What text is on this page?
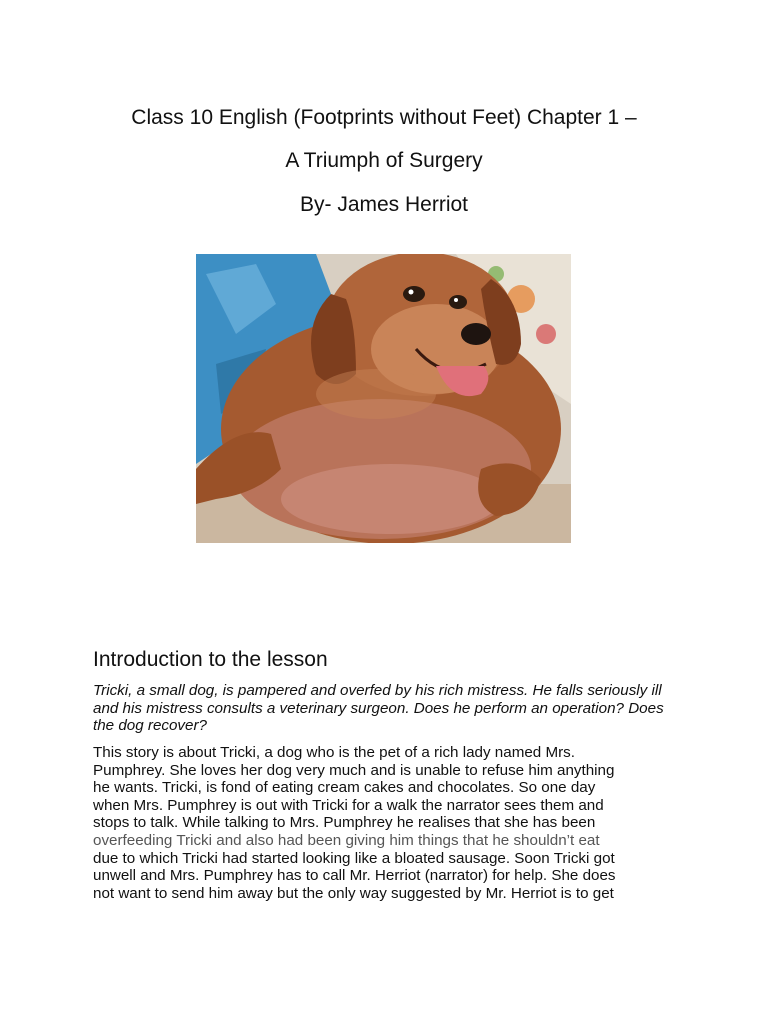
Class 10 English (Footprints without Feet) Chapter 1 –
A Triumph of Surgery
By- James Herriot
Introduction to the lesson
Tricki, a small dog, is pampered and overfed by his rich mistress. He falls seriously ill and his mistress consults a veterinary surgeon. Does he perform an operation? Does the dog recover?
This story is about Tricki, a dog who is the pet of a rich lady named Mrs.
Pumphrey. She loves her dog very much and is unable to refuse him anything
he wants. Tricki, is fond of eating cream cakes and chocolates. So one day
when Mrs. Pumphrey is out with Tricki for a walk the narrator sees them and
stops to talk. While talking to Mrs. Pumphrey he realises that she has been
overfeeding Tricki and also had been giving him things that he shouldn’t eat
due to which Tricki had started looking like a bloated sausage. Soon Tricki got
unwell and Mrs. Pumphrey has to call Mr. Herriot (narrator) for help. She does
not want to send him away but the only way suggested by Mr. Herriot is to get
